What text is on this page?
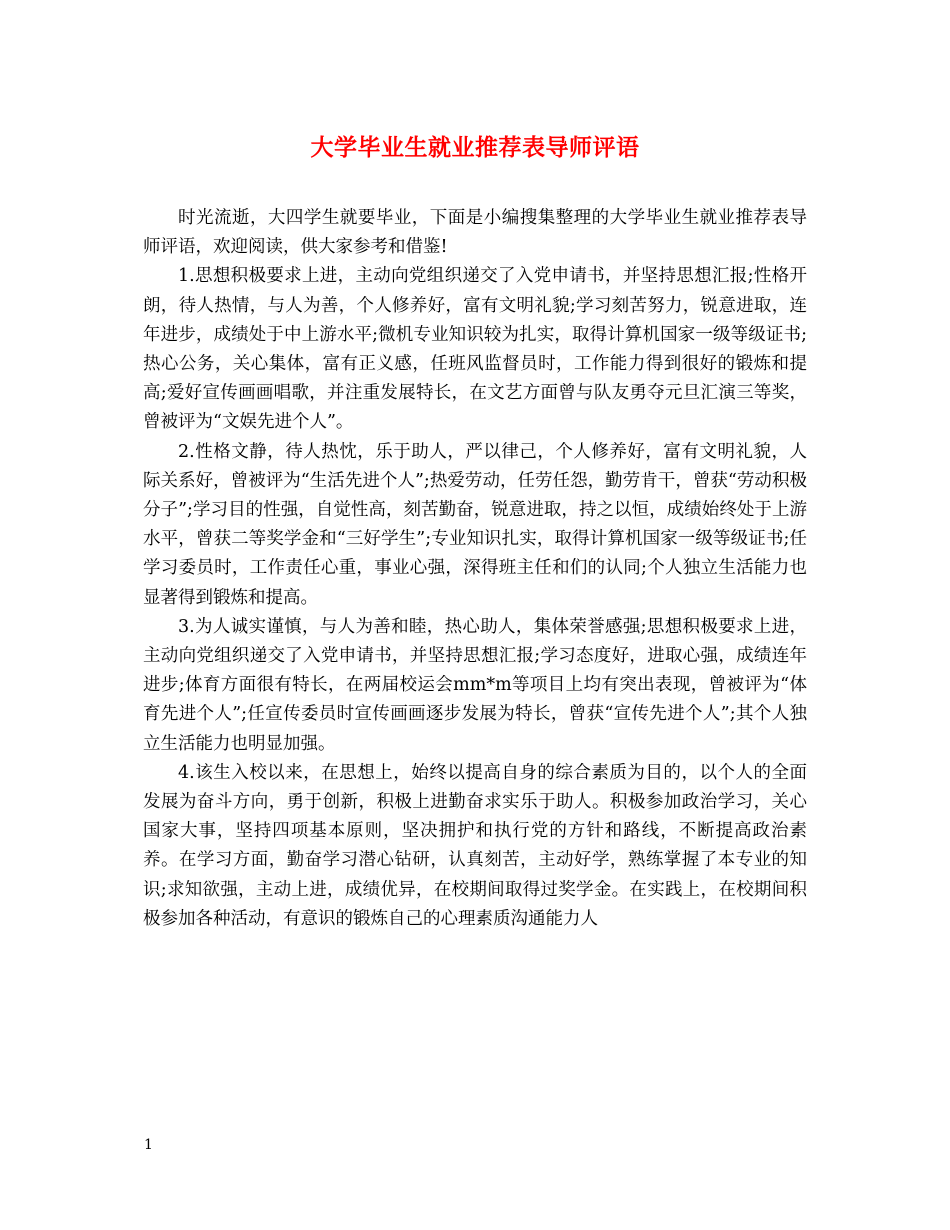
大学毕业生就业推荐表导师评语

时光流逝，大四学生就要毕业，下面是小编搜集整理的大学毕业生就业推荐表导师评语，欢迎阅读，供大家参考和借鉴!

1.思想积极要求上进，主动向党组织递交了入党申请书，并坚持思想汇报;性格开朗，待人热情，与人为善，个人修养好，富有文明礼貌;学习刻苦努力，锐意进取，连年进步，成绩处于中上游水平;微机专业知识较为扎实，取得计算机国家一级等级证书;热心公务，关心集体，富有正义感，任班风监督员时，工作能力得到很好的锻炼和提高;爱好宣传画画唱歌，并注重发展特长，在文艺方面曾与队友勇夺元旦汇演三等奖，曾被评为“文娱先进个人”。

2.性格文静，待人热忱，乐于助人，严以律己，个人修养好，富有文明礼貌，人际关系好，曾被评为“生活先进个人”;热爱劳动，任劳任怨，勤劳肯干，曾获“劳动积极分子”;学习目的性强，自觉性高，刻苦勤奋，锐意进取，持之以恒，成绩始终处于上游水平，曾获二等奖学金和“三好学生”;专业知识扎实，取得计算机国家一级等级证书;任学习委员时，工作责任心重，事业心强，深得班主任和们的认同;个人独立生活能力也显著得到锻炼和提高。

3.为人诚实谨慎，与人为善和睦，热心助人，集体荣誉感强;思想积极要求上进，主动向党组织递交了入党申请书，并坚持思想汇报;学习态度好，进取心强，成绩连年进步;体育方面很有特长，在两届校运会mm*m等项目上均有突出表现，曾被评为“体育先进个人”;任宣传委员时宣传画画逐步发展为特长，曾获“宣传先进个人”;其个人独立生活能力也明显加强。

4.该生入校以来，在思想上，始终以提高自身的综合素质为目的，以个人的全面发展为奋斗方向，勇于创新，积极上进勤奋求实乐于助人。积极参加政治学习，关心国家大事，坚持四项基本原则，坚决拥护和执行党的方针和路线，不断提高政治素养。在学习方面，勤奋学习潜心钻研，认真刻苦，主动好学，熟练掌握了本专业的知识;求知欲强，主动上进，成绩优异，在校期间取得过奖学金。在实践上，在校期间积极参加各种活动，有意识的锻炼自己的心理素质沟通能力人

1
